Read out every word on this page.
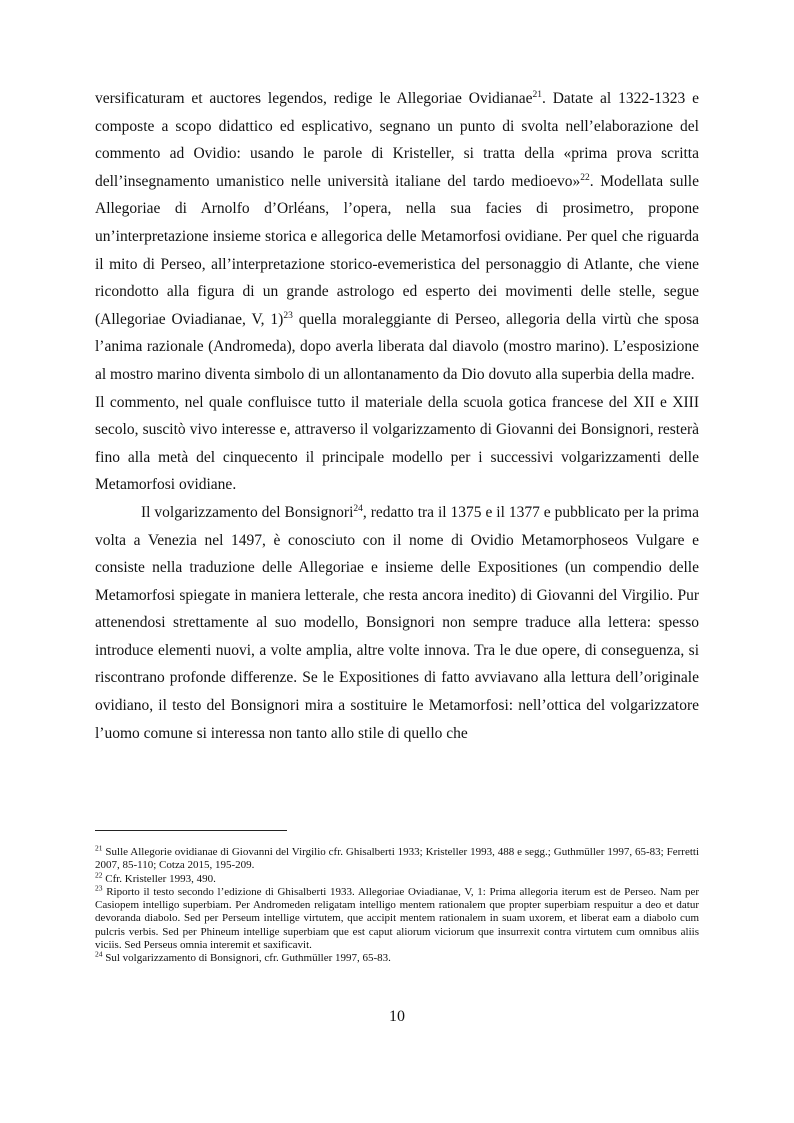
versificaturam et auctores legendos, redige le Allegoriae Ovidianae$^{21}$. Datate al 1322-1323 e composte a scopo didattico ed esplicativo, segnano un punto di svolta nell’elaborazione del commento ad Ovidio: usando le parole di Kristeller, si tratta della «prima prova scritta dell’insegnamento umanistico nelle università italiane del tardo medioevo»$^{22}$. Modellata sulle Allegoriae di Arnolfo d’Orléans, l’opera, nella sua facies di prosimetro, propone un’interpretazione insieme storica e allegorica delle Metamorfosi ovidiane. Per quel che riguarda il mito di Perseo, all’interpretazione storico-evemeristica del personaggio di Atlante, che viene ricondotto alla figura di un grande astrologo ed esperto dei movimenti delle stelle, segue (Allegoriae Oviadianae, V, 1)$^{23}$ quella moraleggiante di Perseo, allegoria della virtù che sposa l’anima razionale (Andromeda), dopo averla liberata dal diavolo (mostro marino). L’esposizione al mostro marino diventa simbolo di un allontanamento da Dio dovuto alla superbia della madre.

Il commento, nel quale confluisce tutto il materiale della scuola gotica francese del XII e XIII secolo, suscitò vivo interesse e, attraverso il volgarizzamento di Giovanni dei Bonsignori, resterà fino alla metà del cinquecento il principale modello per i successivi volgarizzamenti delle Metamorfosi ovidiane.

Il volgarizzamento del Bonsignori$^{24}$, redatto tra il 1375 e il 1377 e pubblicato per la prima volta a Venezia nel 1497, è conosciuto con il nome di Ovidio Metamorphoseos Vulgare e consiste nella traduzione delle Allegoriae e insieme delle Expositiones (un compendio delle Metamorfosi spiegate in maniera letterale, che resta ancora inedito) di Giovanni del Virgilio. Pur attenendosi strettamente al suo modello, Bonsignori non sempre traduce alla lettera: spesso introduce elementi nuovi, a volte amplia, altre volte innova. Tra le due opere, di conseguenza, si riscontrano profonde differenze. Se le Expositiones di fatto avviavano alla lettura dell’originale ovidiano, il testo del Bonsignori mira a sostituire le Metamorfosi: nell’ottica del volgarizzatore l’uomo comune si interessa non tanto allo stile di quello che

$^{21}$ Sulle Allegorie ovidianae di Giovanni del Virgilio cfr. Ghisalberti 1933; Kristeller 1993, 488 e segg.; Guthmüller 1997, 65-83; Ferretti 2007, 85-110; Cotza 2015, 195-209.

$^{22}$ Cfr. Kristeller 1993, 490.

$^{23}$ Riporto il testo secondo l’edizione di Ghisalberti 1933. Allegoriae Oviadianae, V, 1: Prima allegoria iterum est de Perseo. Nam per Casiopem intelligo superbiam. Per Andromeden religatam intelligo mentem rationalem que propter superbiam respuitur a deo et datur devoranda diabolo. Sed per Perseum intellige virtutem, que accipit mentem rationalem in suam uxorem, et liberat eam a diabolo cum pulcris verbis. Sed per Phineum intellige superbiam que est caput aliorum viciorum que insurrexit contra virtutem cum omnibus aliis viciis. Sed Perseus omnia interemit et saxificavit.

$^{24}$ Sul volgarizzamento di Bonsignori, cfr. Guthmüller 1997, 65-83.

10
